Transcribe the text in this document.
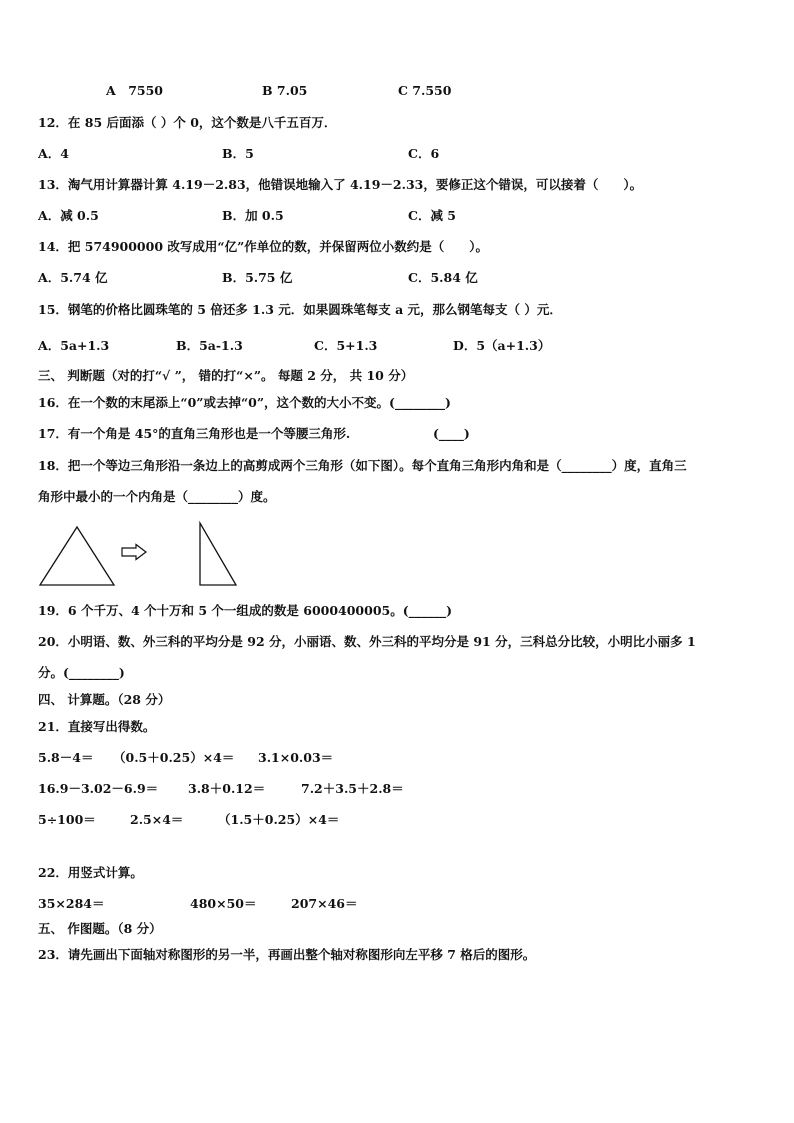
A　7550	B 7.05	C 7.550
12．在 85 后面添（ ）个 0，这个数是八千五百万．
A．4	B．5	C．6
13．淘气用计算器计算 4.19－2.83，他错误地输入了 4.19－2.33，要修正这个错误，可以接着（　　）。
A．减 0.5	B．加 0.5	C．减 5
14．把 574900000 改写成用“亿”作单位的数，并保留两位小数约是（　　）。
A．5.74 亿	B．5.75 亿	C．5.84 亿
15．钢笔的价格比圆珠笔的 5 倍还多 1.3 元．如果圆珠笔每支 a 元，那么钢笔每支（ ）元．
A．5a+1.3	B．5a-1.3	C．5+1.3	D．5（a+1.3）
三、 判断题（对的打“√ ”， 错的打“×”。 每题 2 分， 共 10 分）
16．在一个数的末尾添上“0”或去掉“0”，这个数的大小不变。(________)
17．有一个角是 45°的直角三角形也是一个等腰三角形.	(____)
18．把一个等边三角形沿一条边上的高剪成两个三角形（如下图）。每个直角三角形内角和是（________）度，直角三
角形中最小的一个内角是（________）度。
19．6 个千万、4 个十万和 5 个一组成的数是 6000400005。(______)
20．小明语、数、外三科的平均分是 92 分，小丽语、数、外三科的平均分是 91 分，三科总分比较，小明比小丽多 1
分。(________)
四、 计算题。（28 分）
21．直接写出得数。
5.8－4＝ （0.5＋0.25）×4＝ 3.1×0.03＝
16.9－3.02－6.9＝ 3.8＋0.12＝	7.2＋3.5＋2.8＝
5÷100＝	2.5×4＝	（1.5＋0.25）×4＝
22．用竖式计算。
35×284＝	480×50＝	207×46＝
五、 作图题。（8 分）
23．请先画出下面轴对称图形的另一半，再画出整个轴对称图形向左平移 7 格后的图形。
